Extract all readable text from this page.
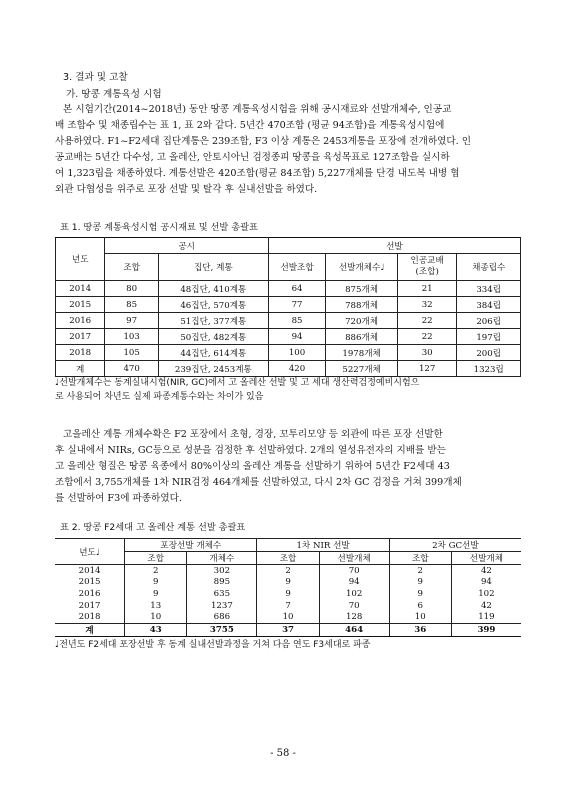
3. 결과 및 고찰
가. 땅콩 계통육성 시험
본 시험기간(2014~2018년) 동안 땅콩 계통육성시험을 위해 공시재료와 선발개체수, 인공교
배 조합수 및 채종립수는 표 1, 표 2와 같다. 5년간 470조합 (평균 94조합)을 계통육성시험에
사용하였다. F1~F2세대 집단계통은 239조합, F3 이상 계통은 2453계통을 포장에 전개하였다. 인
공교배는 5년간 다수성, 고 올레산, 안토시아닌 검정종피 땅콩을 육성목표로 127조합을 실시하
여 1,323립을 채종하였다. 계통선발은 420조합(평균 84조합) 5,227개체를 단경 내도복 내병 협
외관 다협성을 위주로 포장 선발 및 탈각 후 실내선발을 하였다.
표 1. 땅콩 계통육성시험 공시재료 및 선발 총괄표
년도	공시		선발			
	조합	집단, 계통	선발조합	선발개체수♩	인공교배
(조합)	채종립수
2014	80	48집단, 410계통	64	875개체	21	334립
2015	85	46집단, 570계통	77	788개체	32	384립
2016	97	51집단, 377계통	85	720개체	22	206립
2017	103	50집단, 482계통	94	886개체	22	197립
2018	105	44집단, 614계통	100	1978개체	30	200립
계	470	239집단, 2453계통	420	5227개체	127	1323립
♩선발개체수는 동계실내시험(NIR, GC)에서 고 올레산 선발 및 고 세대 생산력검정예비시험으
로 사용되어 차년도 실제 파종계통수와는 차이가 있음
고올레산 계통 개체수확은 F2 포장에서 초형, 경장, 꼬투리모양 등 외관에 따른 포장 선발한
후 실내에서 NIRs, GC등으로 성분을 검정한 후 선발하였다. 2개의 열성유전자의 지배를 받는
고 올레산 형질은 땅콩 육종에서 80%이상의 올레산 계통을 선발하기 위하여 5년간 F2세대 43
조합에서 3,755개체를 1차 NIR검정 464개체를 선발하였고, 다시 2차 GC 검정을 거쳐 399개체
를 선발하여 F3에 파종하였다.
표 2. 땅콩 F2세대 고 올레산 계통 선발 총괄표
년도♩	포장선발 개체수		1차 NIR 선발		2차 GC선발	
	조합	개체수	조합	선발개체	조합	선발개체
2014	2	302	2	70	2	42
2015	9	895	9	94	9	94
2016	9	635	9	102	9	102
2017	13	1237	7	70	6	42
2018	10	686	10	128	10	119
계	43	3755	37	464	36	399
♩전년도 F2세대 포장선발 후 동계 실내선발과정을 거쳐 다음 연도 F3세대로 파종
- 58 -
